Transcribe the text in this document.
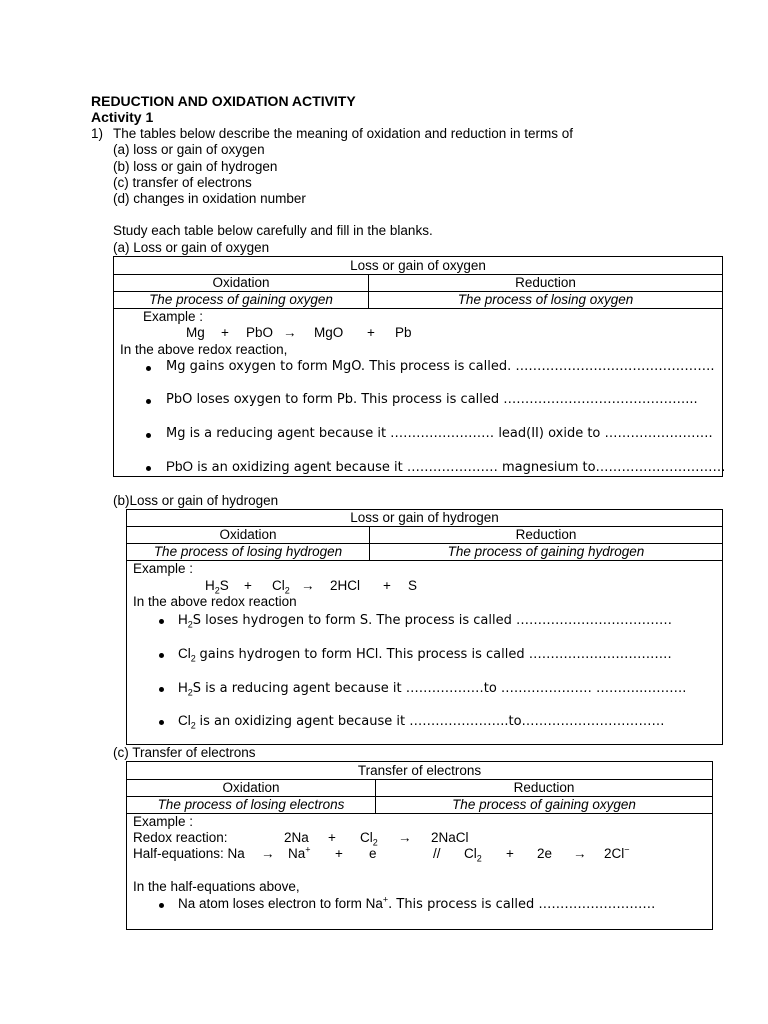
REDUCTION AND OXIDATION ACTIVITY
Activity 1
1) The tables below describe the meaning of oxidation and reduction in terms of
(a) loss or gain of oxygen
(b) loss or gain of hydrogen
(c) transfer of electrons
(d) changes in oxidation number
Study each table below carefully and fill in the blanks.
(a) Loss or gain of oxygen
Loss or gain of oxygen
Oxidation	Reduction
The process of gaining oxygen	The process of losing oxygen
Example :
Mg + PbO → MgO + Pb
In the above redox reaction,
Mg gains oxygen to form MgO. This process is called. ……………………………………….
PbO loses oxygen to form Pb. This process is called ……………………………………...
Mg is a reducing agent because it …………………… lead(II) oxide to …………………….
PbO is an oxidizing agent because it ………………… magnesium to…………………………
(b)Loss or gain of hydrogen
Loss or gain of hydrogen
Oxidation	Reduction
The process of losing hydrogen	The process of gaining hydrogen
Example :
$H_2S + Cl_2 \to 2HCl + S$
In the above redox reaction
$H_2S$ loses hydrogen to form S. The process is called ………………………………
$Cl_2$ gains hydrogen to form HCl. This process is called ……………………………
$H_2S$ is a reducing agent because it ………………to ………………… ………..……….
$Cl_2$ is an oxidizing agent because it …………………..to……………………………
(c) Transfer of electrons
Transfer of electrons
Oxidation	Reduction
The process of losing electrons	The process of gaining oxygen
Example :
Redox reaction:	$2Na + Cl_2$ → 2NaCl
Half-equations: Na → Na+ + e	// $Cl_2 + 2e \to 2Cl^-$
In the half-equations above,
Na atom loses electron to form Na+. This process is called ………………………
